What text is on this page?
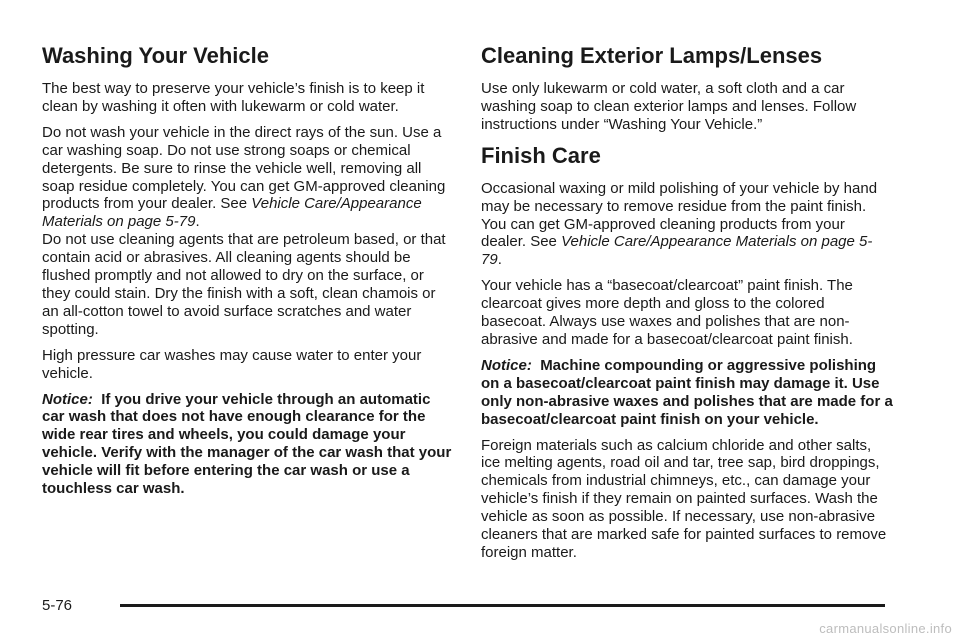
Washing Your Vehicle

The best way to preserve your vehicle’s finish is to keep it clean by washing it often with lukewarm or cold water.

Do not wash your vehicle in the direct rays of the sun. Use a car washing soap. Do not use strong soaps or chemical detergents. Be sure to rinse the vehicle well, removing all soap residue completely. You can get GM-approved cleaning products from your dealer. See Vehicle Care/Appearance Materials on page 5-79.
Do not use cleaning agents that are petroleum based, or that contain acid or abrasives. All cleaning agents should be flushed promptly and not allowed to dry on the surface, or they could stain. Dry the finish with a soft, clean chamois or an all-cotton towel to avoid surface scratches and water spotting.

High pressure car washes may cause water to enter your vehicle.

Notice: If you drive your vehicle through an automatic car wash that does not have enough clearance for the wide rear tires and wheels, you could damage your vehicle. Verify with the manager of the car wash that your vehicle will fit before entering the car wash or use a touchless car wash.

Cleaning Exterior Lamps/Lenses

Use only lukewarm or cold water, a soft cloth and a car washing soap to clean exterior lamps and lenses. Follow instructions under “Washing Your Vehicle.”

Finish Care

Occasional waxing or mild polishing of your vehicle by hand may be necessary to remove residue from the paint finish. You can get GM-approved cleaning products from your dealer. See Vehicle Care/Appearance Materials on page 5-79.

Your vehicle has a “basecoat/clearcoat” paint finish. The clearcoat gives more depth and gloss to the colored basecoat. Always use waxes and polishes that are non-abrasive and made for a basecoat/clearcoat paint finish.

Notice: Machine compounding or aggressive polishing on a basecoat/clearcoat paint finish may damage it. Use only non-abrasive waxes and polishes that are made for a basecoat/clearcoat paint finish on your vehicle.

Foreign materials such as calcium chloride and other salts, ice melting agents, road oil and tar, tree sap, bird droppings, chemicals from industrial chimneys, etc., can damage your vehicle’s finish if they remain on painted surfaces. Wash the vehicle as soon as possible. If necessary, use non-abrasive cleaners that are marked safe for painted surfaces to remove foreign matter.

5-76
carmanualsonline.info
